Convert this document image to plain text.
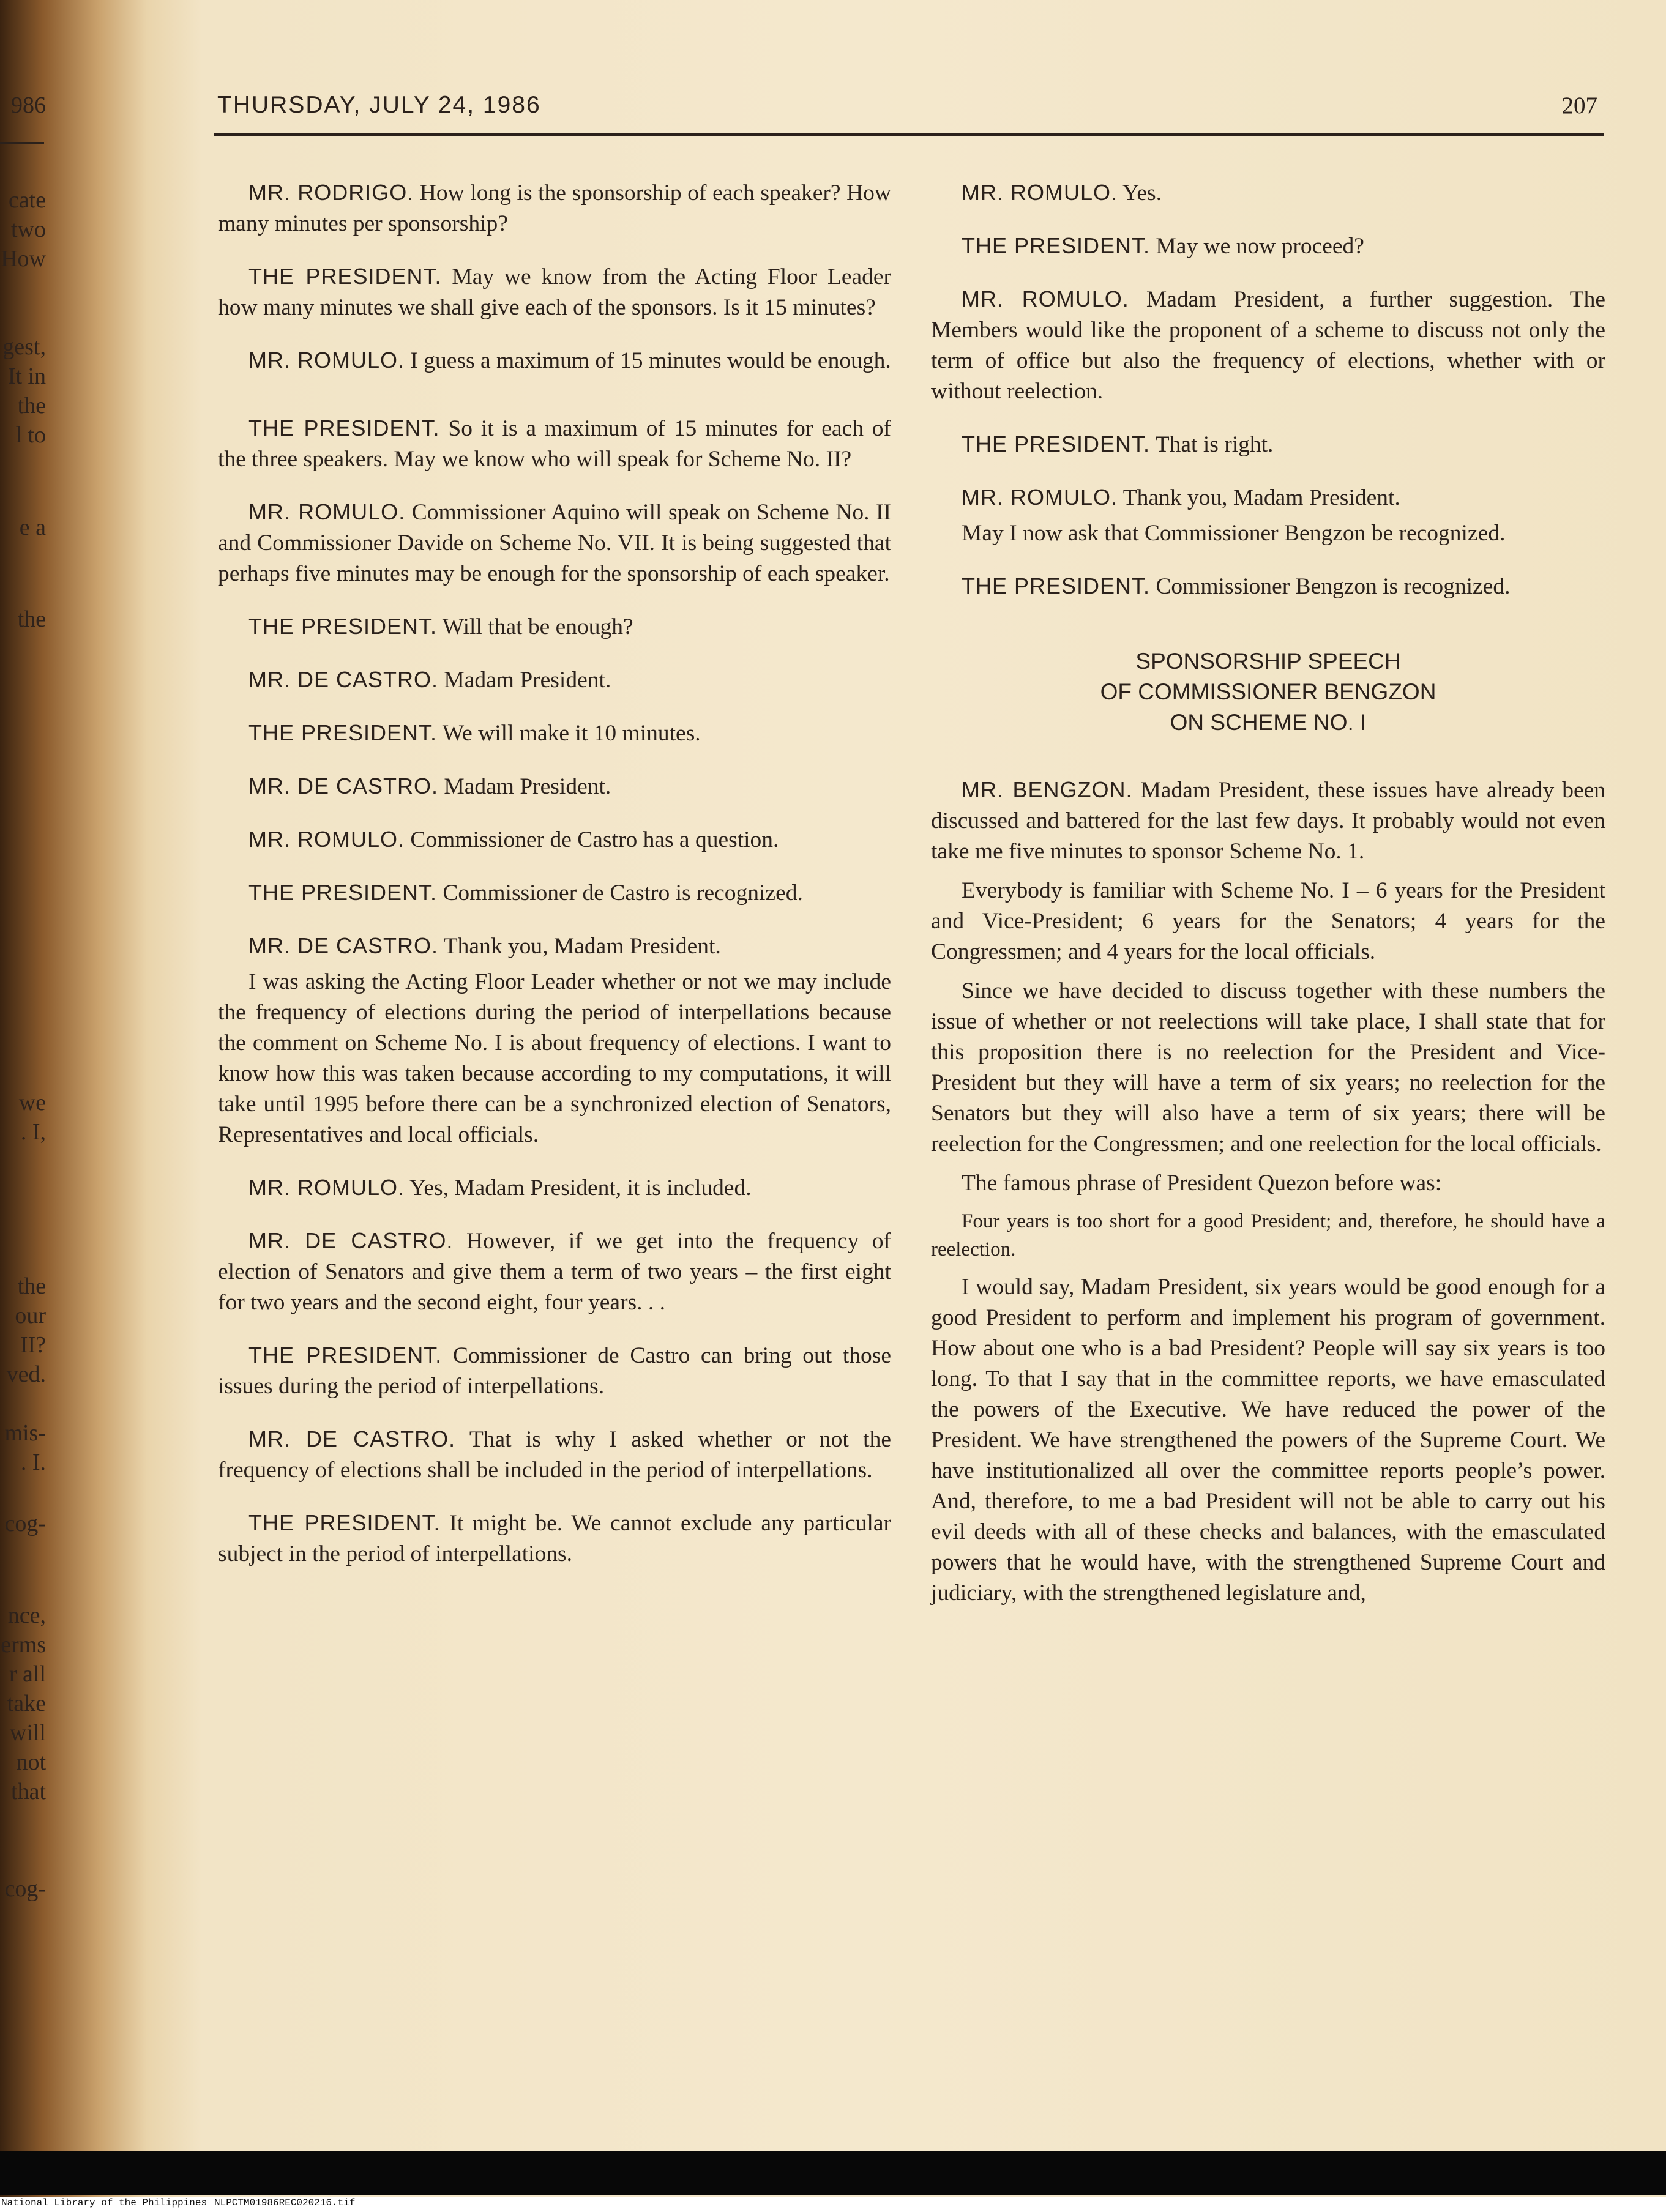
986
cate
two
How
gest,
It in
the
l to
e a
the
we
. I,
the
our
II?
ved.
mis-
. I.
cog-
nce,
erms
r all
take
will
not
that
cog-
THURSDAY, JULY 24, 1986	207

MR. RODRIGO. How long is the sponsorship of each speaker? How many minutes per sponsorship?

THE PRESIDENT. May we know from the Acting Floor Leader how many minutes we shall give each of the sponsors. Is it 15 minutes?

MR. ROMULO. I guess a maximum of 15 minutes would be enough.

THE PRESIDENT. So it is a maximum of 15 minutes for each of the three speakers. May we know who will speak for Scheme No. II?

MR. ROMULO. Commissioner Aquino will speak on Scheme No. II and Commissioner Davide on Scheme No. VII. It is being suggested that perhaps five minutes may be enough for the sponsorship of each speaker.

THE PRESIDENT. Will that be enough?

MR. DE CASTRO. Madam President.

THE PRESIDENT. We will make it 10 minutes.

MR. DE CASTRO. Madam President.

MR. ROMULO. Commissioner de Castro has a question.

THE PRESIDENT. Commissioner de Castro is recognized.

MR. DE CASTRO. Thank you, Madam President.

I was asking the Acting Floor Leader whether or not we may include the frequency of elections during the period of interpellations because the comment on Scheme No. I is about frequency of elections. I want to know how this was taken because according to my computations, it will take until 1995 before there can be a synchronized election of Senators, Representatives and local officials.

MR. ROMULO. Yes, Madam President, it is included.

MR. DE CASTRO. However, if we get into the frequency of election of Senators and give them a term of two years – the first eight for two years and the second eight, four years. . .

THE PRESIDENT. Commissioner de Castro can bring out those issues during the period of interpellations.

MR. DE CASTRO. That is why I asked whether or not the frequency of elections shall be included in the period of interpellations.

THE PRESIDENT. It might be. We cannot exclude any particular subject in the period of interpellations.

MR. ROMULO. Yes.

THE PRESIDENT. May we now proceed?

MR. ROMULO. Madam President, a further suggestion. The Members would like the proponent of a scheme to discuss not only the term of office but also the frequency of elections, whether with or without reelection.

THE PRESIDENT. That is right.

MR. ROMULO. Thank you, Madam President.

May I now ask that Commissioner Bengzon be recognized.

THE PRESIDENT. Commissioner Bengzon is recognized.

SPONSORSHIP SPEECH
OF COMMISSIONER BENGZON
ON SCHEME NO. I

MR. BENGZON. Madam President, these issues have already been discussed and battered for the last few days. It probably would not even take me five minutes to sponsor Scheme No. 1.

Everybody is familiar with Scheme No. I – 6 years for the President and Vice-President; 6 years for the Senators; 4 years for the Congressmen; and 4 years for the local officials.

Since we have decided to discuss together with these numbers the issue of whether or not reelections will take place, I shall state that for this proposition there is no reelection for the President and Vice-President but they will have a term of six years; no reelection for the Senators but they will also have a term of six years; there will be reelection for the Congressmen; and one reelection for the local officials.

The famous phrase of President Quezon before was:

Four years is too short for a good President; and, therefore, he should have a reelection.

I would say, Madam President, six years would be good enough for a good President to perform and implement his program of government. How about one who is a bad President? People will say six years is too long. To that I say that in the committee reports, we have emasculated the powers of the Executive. We have reduced the power of the President. We have strengthened the powers of the Supreme Court. We have institutionalized all over the committee reports people’s power. And, therefore, to me a bad President will not be able to carry out his evil deeds with all of these checks and balances, with the emasculated powers that he would have, with the strengthened Supreme Court and judiciary, with the strengthened legislature and,

National Library of the Philippines NLPCTM01986REC020216.tif
